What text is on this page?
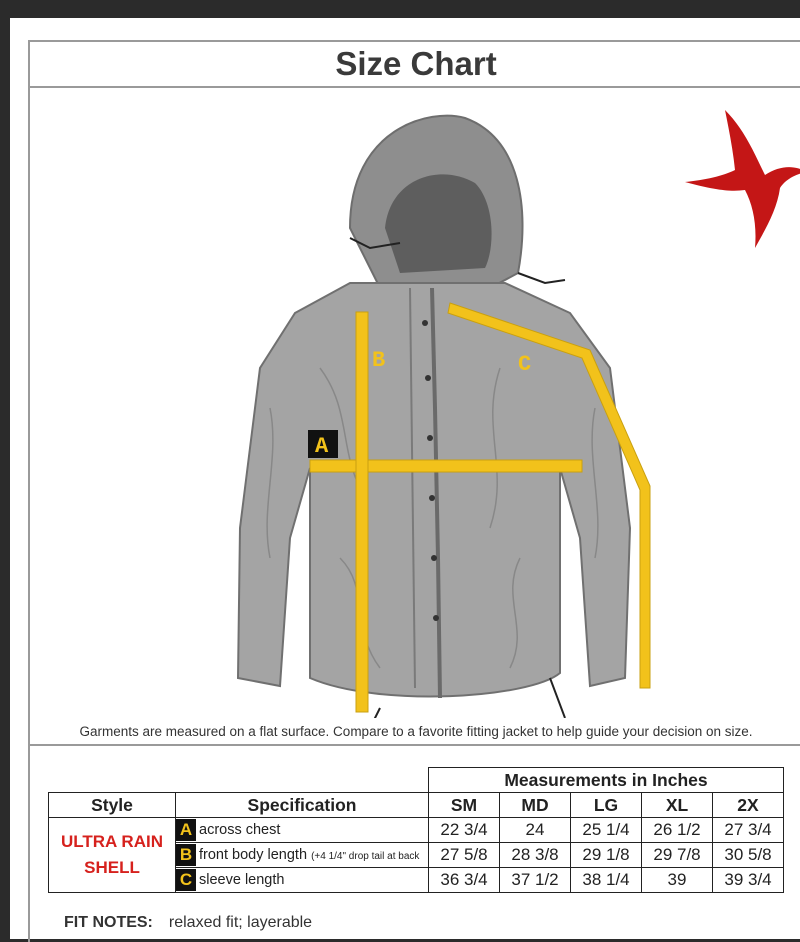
Size Chart
A
B	C
Garments are measured on a flat surface. Compare to a favorite fitting jacket to help guide your decision on size.
		Measurements in Inches				
Style	Specification	SM	MD	LG	XL	2X

ULTRA RAIN SHELL	A across chest	22 3/4	24	25 1/4	26 1/2	27 3/4
	B front body length (+4 1/4" drop tail at back	27 5/8	28 3/8	29 1/8	29 7/8	30 5/8
	C sleeve length	36 3/4	37 1/2	38 1/4	39	39 3/4
FIT NOTES: relaxed fit; layerable
